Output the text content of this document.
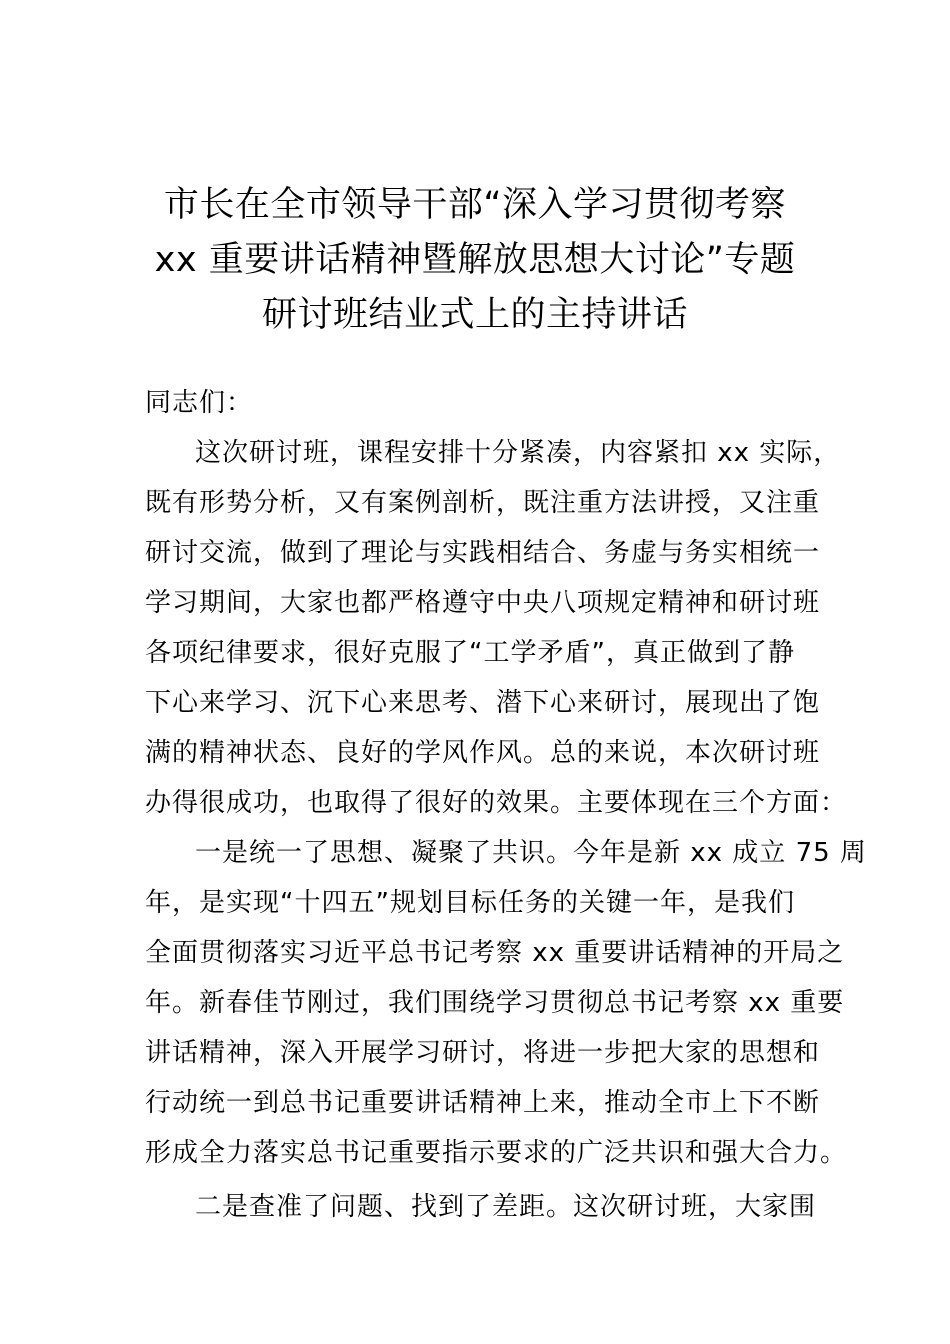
市长在全市领导干部“深入学习贯彻考察
xx 重要讲话精神暨解放思想大讨论”专题
研讨班结业式上的主持讲话
同志们：
这次研讨班，课程安排十分紧凑，内容紧扣 xx 实际，
既有形势分析，又有案例剖析，既注重方法讲授，又注重
研讨交流，做到了理论与实践相结合、务虚与务实相统一
学习期间，大家也都严格遵守中央八项规定精神和研讨班
各项纪律要求，很好克服了“工学矛盾”，真正做到了静
下心来学习、沉下心来思考、潜下心来研讨，展现出了饱
满的精神状态、良好的学风作风。总的来说，本次研讨班
办得很成功，也取得了很好的效果。主要体现在三个方面：
一是统一了思想、凝聚了共识。今年是新 xx 成立 75 周
年，是实现“十四五”规划目标任务的关键一年，是我们
全面贯彻落实习近平总书记考察 xx 重要讲话精神的开局之
年。新春佳节刚过，我们围绕学习贯彻总书记考察 xx 重要
讲话精神，深入开展学习研讨，将进一步把大家的思想和
行动统一到总书记重要讲话精神上来，推动全市上下不断
形成全力落实总书记重要指示要求的广泛共识和强大合力。
二是查准了问题、找到了差距。这次研讨班，大家围
